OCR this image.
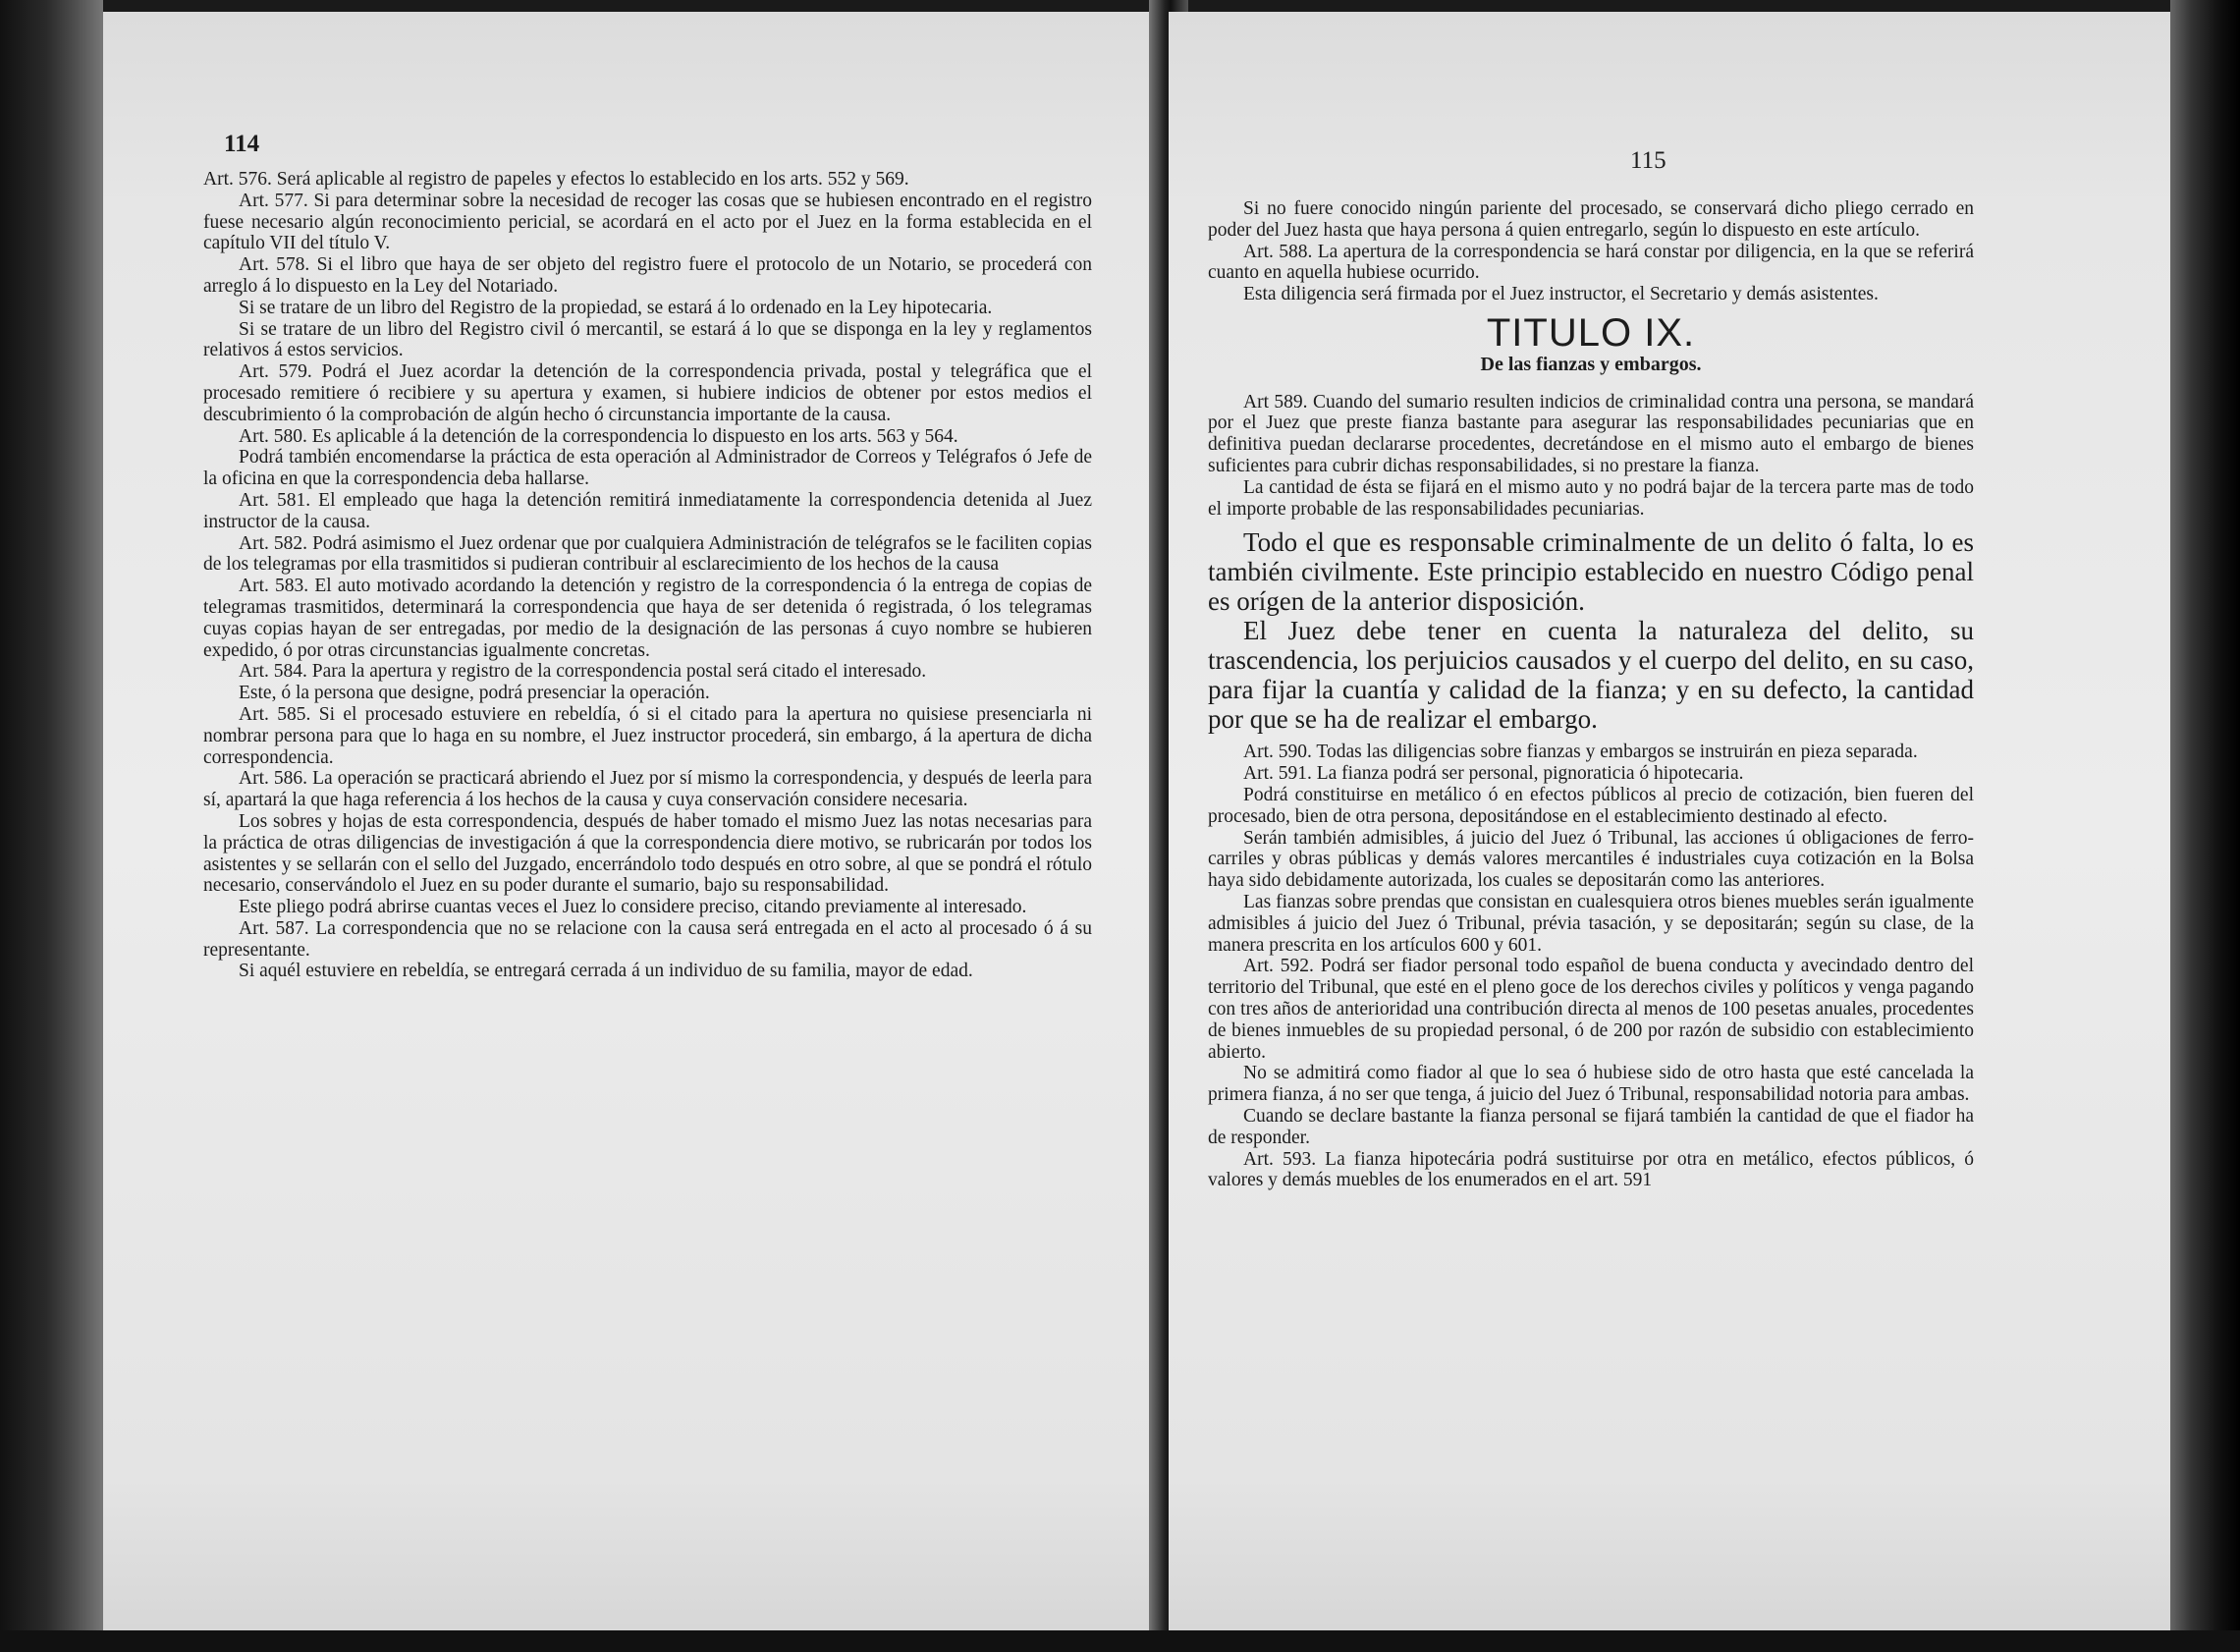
114

Art. 576. Será aplicable al registro de papeles y efectos lo establecido en los arts. 552 y 569.

Art. 577. Si para determinar sobre la necesidad de recoger las cosas que se hubiesen encontrado en el registro fuese necesario algún reconocimiento pericial, se acordará en el acto por el Juez en la forma establecida en el capítulo VII del título V.

Art. 578. Si el libro que haya de ser objeto del registro fuere el protocolo de un Notario, se procederá con arreglo á lo dispuesto en la Ley del Notariado.

Si se tratare de un libro del Registro de la propiedad, se estará á lo ordenado en la Ley hipotecaria.

Si se tratare de un libro del Registro civil ó mercantil, se estará á lo que se disponga en la ley y reglamentos relativos á estos servicios.

Art. 579. Podrá el Juez acordar la detención de la correspondencia privada, postal y telegráfica que el procesado remitiere ó recibiere y su apertura y examen, si hubiere indicios de obtener por estos medios el descubrimiento ó la comprobación de algún hecho ó circunstancia importante de la causa.

Art. 580. Es aplicable á la detención de la correspondencia lo dispuesto en los arts. 563 y 564.

Podrá también encomendarse la práctica de esta operación al Administrador de Correos y Telégrafos ó Jefe de la oficina en que la correspondencia deba hallarse.

Art. 581. El empleado que haga la detención remitirá inmediatamente la correspondencia detenida al Juez instructor de la causa.

Art. 582. Podrá asimismo el Juez ordenar que por cualquiera Administración de telégrafos se le faciliten copias de los telegramas por ella trasmitidos si pudieran contribuir al esclarecimiento de los hechos de la causa

Art. 583. El auto motivado acordando la detención y registro de la correspondencia ó la entrega de copias de telegramas trasmitidos, determinará la correspondencia que haya de ser detenida ó registrada, ó los telegramas cuyas copias hayan de ser entregadas, por medio de la designación de las personas á cuyo nombre se hubieren expedido, ó por otras circunstancias igualmente concretas.

Art. 584. Para la apertura y registro de la correspondencia postal será citado el interesado.

Este, ó la persona que designe, podrá presenciar la operación.

Art. 585. Si el procesado estuviere en rebeldía, ó si el citado para la apertura no quisiese presenciarla ni nombrar persona para que lo haga en su nombre, el Juez instructor procederá, sin embargo, á la apertura de dicha correspondencia.

Art. 586. La operación se practicará abriendo el Juez por sí mismo la correspondencia, y después de leerla para sí, apartará la que haga referencia á los hechos de la causa y cuya conservación considere necesaria.

Los sobres y hojas de esta correspondencia, después de haber tomado el mismo Juez las notas necesarias para la práctica de otras diligencias de investigación á que la correspondencia diere motivo, se rubricarán por todos los asistentes y se sellarán con el sello del Juzgado, encerrándolo todo después en otro sobre, al que se pondrá el rótulo necesario, conservándolo el Juez en su poder durante el sumario, bajo su responsabilidad.

Este pliego podrá abrirse cuantas veces el Juez lo considere preciso, citando previamente al interesado.

Art. 587. La correspondencia que no se relacione con la causa será entregada en el acto al procesado ó á su representante.

Si aquél estuviere en rebeldía, se entregará cerrada á un individuo de su familia, mayor de edad.

115

Si no fuere conocido ningún pariente del procesado, se conservará dicho pliego cerrado en poder del Juez hasta que haya persona á quien entregarlo, según lo dispuesto en este artículo.

Art. 588. La apertura de la correspondencia se hará constar por diligencia, en la que se referirá cuanto en aquella hubiese ocurrido.

Esta diligencia será firmada por el Juez instructor, el Secretario y demás asistentes.

TITULO IX.
De las fianzas y embargos.

Art 589. Cuando del sumario resulten indicios de criminalidad contra una persona, se mandará por el Juez que preste fianza bastante para asegurar las responsabilidades pecuniarias que en definitiva puedan declararse procedentes, decretándose en el mismo auto el embargo de bienes suficientes para cubrir dichas responsabilidades, si no prestare la fianza.

La cantidad de ésta se fijará en el mismo auto y no podrá bajar de la tercera parte mas de todo el importe probable de las responsabilidades pecuniarias.

Todo el que es responsable criminalmente de un delito ó falta, lo es también civilmente. Este principio establecido en nuestro Código penal es orígen de la anterior disposición.

El Juez debe tener en cuenta la naturaleza del delito, su trascendencia, los perjuicios causados y el cuerpo del delito, en su caso, para fijar la cuantía y calidad de la fianza; y en su defecto, la cantidad por que se ha de realizar el embargo.

Art. 590. Todas las diligencias sobre fianzas y embargos se instruirán en pieza separada.

Art. 591. La fianza podrá ser personal, pignoraticia ó hipotecaria.

Podrá constituirse en metálico ó en efectos públicos al precio de cotización, bien fueren del procesado, bien de otra persona, depositándose en el establecimiento destinado al efecto.

Serán también admisibles, á juicio del Juez ó Tribunal, las acciones ú obligaciones de ferro-carriles y obras públicas y demás valores mercantiles é industriales cuya cotización en la Bolsa haya sido debidamente autorizada, los cuales se depositarán como las anteriores.

Las fianzas sobre prendas que consistan en cualesquiera otros bienes muebles serán igualmente admisibles á juicio del Juez ó Tribunal, prévia tasación, y se depositarán; según su clase, de la manera prescrita en los artículos 600 y 601.

Art. 592. Podrá ser fiador personal todo español de buena conducta y avecindado dentro del territorio del Tribunal, que esté en el pleno goce de los derechos civiles y políticos y venga pagando con tres años de anterioridad una contribución directa al menos de 100 pesetas anuales, procedentes de bienes inmuebles de su propiedad personal, ó de 200 por razón de subsidio con establecimiento abierto.

No se admitirá como fiador al que lo sea ó hubiese sido de otro hasta que esté cancelada la primera fianza, á no ser que tenga, á juicio del Juez ó Tribunal, responsabilidad notoria para ambas.

Cuando se declare bastante la fianza personal se fijará también la cantidad de que el fiador ha de responder.

Art. 593. La fianza hipotecária podrá sustituirse por otra en metálico, efectos públicos, ó valores y demás muebles de los enumerados en el art. 591
